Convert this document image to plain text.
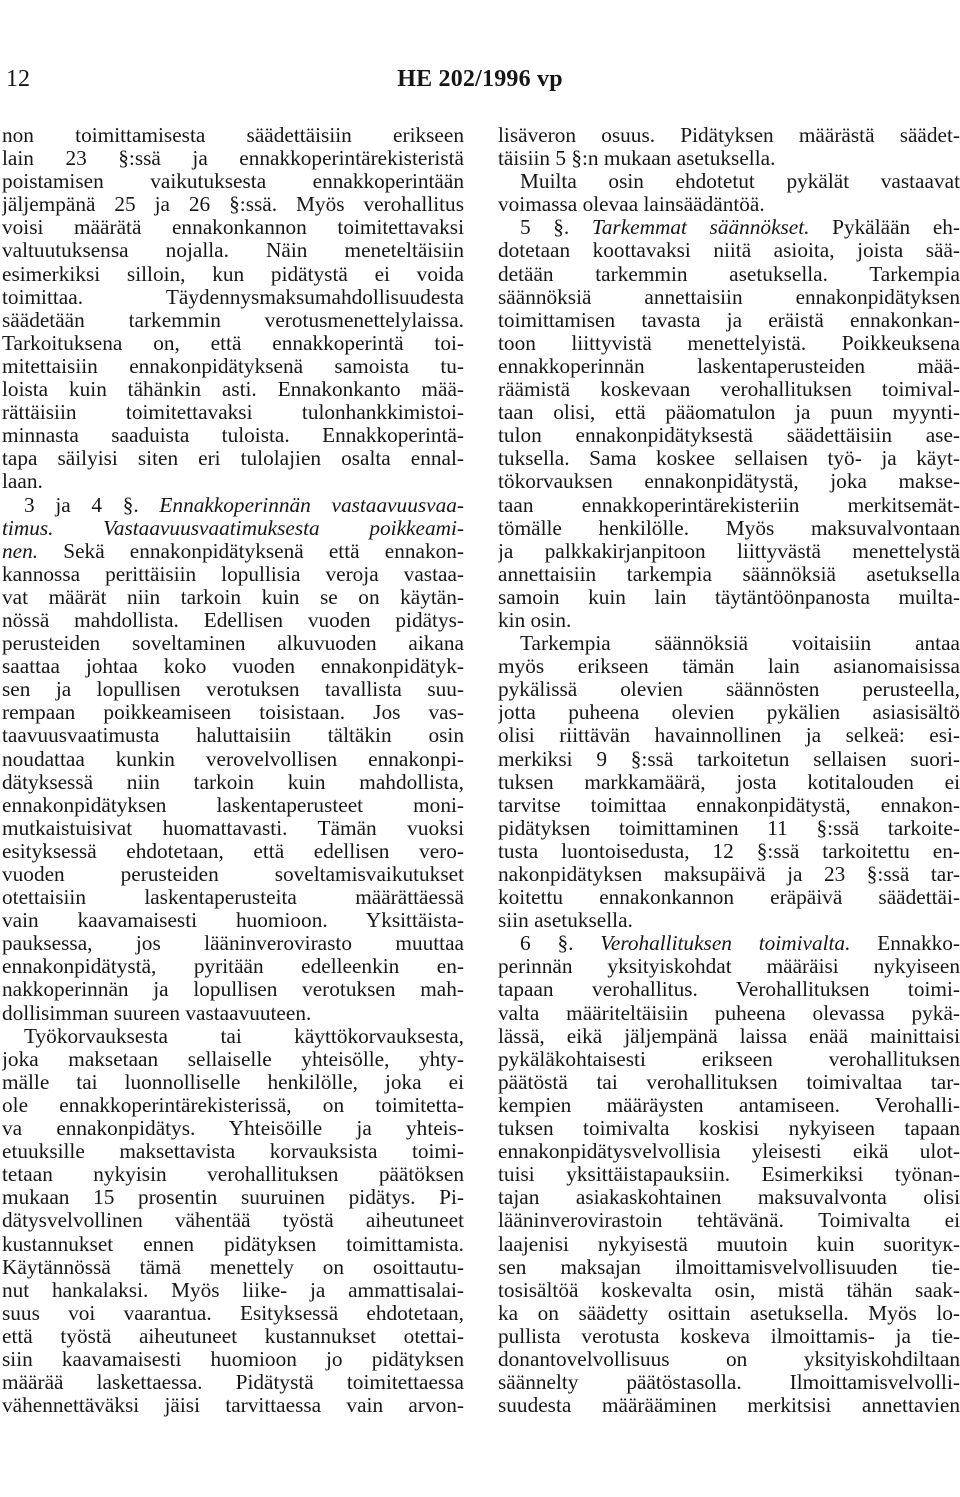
12	HE 202/1996 vp
non toimittamisesta säädettäisiin erikseen
lain 23 §:ssä ja ennakkoperintärekisteristä
poistamisen vaikutuksesta ennakkoperintään
jäljempänä 25 ja 26 §:ssä. Myös verohallitus
voisi määrätä ennakonkannon toimitettavaksi
valtuutuksensa nojalla. Näin meneteltäisiin
esimerkiksi silloin, kun pidätystä ei voida
toimittaa. Täydennysmaksumahdollisuudesta
säädetään tarkemmin verotusmenettelylaissa.
Tarkoituksena on, että ennakkoperintä toi-
mitettaisiin ennakonpidätyksenä samoista tu-
loista kuin tähänkin asti. Ennakonkanto mää-
rättäisiin toimitettavaksi tulonhankkimistoi-
minnasta saaduista tuloista. Ennakkoperintä-
tapa säilyisi siten eri tulolajien osalta ennal-
laan.
3 ja 4 §. Ennakkoperinnän vastaavuusvaa-
timus. Vastaavuusvaatimuksesta poikkeami-
nen. Sekä ennakonpidätyksenä että ennakon-
kannossa perittäisiin lopullisia veroja vastaa-
vat määrät niin tarkoin kuin se on käytän-
nössä mahdollista. Edellisen vuoden pidätys-
perusteiden soveltaminen alkuvuoden aikana
saattaa johtaa koko vuoden ennakonpidätyk-
sen ja lopullisen verotuksen tavallista suu-
rempaan poikkeamiseen toisistaan. Jos vas-
taavuusvaatimusta haluttaisiin tältäkin osin
noudattaa kunkin verovelvollisen ennakonpi-
dätyksessä niin tarkoin kuin mahdollista,
ennakonpidätyksen laskentaperusteet moni-
mutkaistuisivat huomattavasti. Tämän vuoksi
esityksessä ehdotetaan, että edellisen vero-
vuoden perusteiden soveltamisvaikutukset
otettaisiin laskentaperusteita määrättäessä
vain kaavamaisesti huomioon. Yksittäista-
pauksessa, jos lääninverovirasto muuttaa
ennakonpidätystä, pyritään edelleenkin en-
nakkoperinnän ja lopullisen verotuksen mah-
dollisimman suureen vastaavuuteen.
Työkorvauksesta tai käyttökorvauksesta,
joka maksetaan sellaiselle yhteisölle, yhty-
mälle tai luonnolliselle henkilölle, joka ei
ole ennakkoperintärekisterissä, on toimitetta-
va ennakonpidätys. Yhteisöille ja yhteis-
etuuksille maksettavista korvauksista toimi-
tetaan nykyisin verohallituksen päätöksen
mukaan 15 prosentin suuruinen pidätys. Pi-
dätysvelvollinen vähentää työstä aiheutuneet
kustannukset ennen pidätyksen toimittamista.
Käytännössä tämä menettely on osoittautu-
nut hankalaksi. Myös liike- ja ammattisalai-
suus voi vaarantua. Esityksessä ehdotetaan,
että työstä aiheutuneet kustannukset otettai-
siin kaavamaisesti huomioon jo pidätyksen
määrää laskettaessa. Pidätystä toimitettaessa
vähennettäväksi jäisi tarvittaessa vain arvon-
lisäveron osuus. Pidätyksen määrästä säädet-
täisiin 5 §:n mukaan asetuksella.
Muilta osin ehdotetut pykälät vastaavat
voimassa olevaa lainsäädäntöä.
5 §. Tarkemmat säännökset. Pykälään eh-
dotetaan koottavaksi niitä asioita, joista sää-
detään tarkemmin asetuksella. Tarkempia
säännöksiä annettaisiin ennakonpidätyksen
toimittamisen tavasta ja eräistä ennakonkan-
toon liittyvistä menettelyistä. Poikkeuksena
ennakkoperinnän laskentaperusteiden mää-
räämistä koskevaan verohallituksen toimival-
taan olisi, että pääomatulon ja puun myynti-
tulon ennakonpidätyksestä säädettäisiin ase-
tuksella. Sama koskee sellaisen työ- ja käyt-
tökorvauksen ennakonpidätystä, joka makse-
taan ennakkoperintärekisteriin merkitsemät-
tömälle henkilölle. Myös maksuvalvontaan
ja palkkakirjanpitoon liittyvästä menettelystä
annettaisiin tarkempia säännöksiä asetuksella
samoin kuin lain täytäntöönpanosta muilta-
kin osin.
Tarkempia säännöksiä voitaisiin antaa
myös erikseen tämän lain asianomaisissa
pykälissä olevien säännösten perusteella,
jotta puheena olevien pykälien asiasisältö
olisi riittävän havainnollinen ja selkeä: esi-
merkiksi 9 §:ssä tarkoitetun sellaisen suori-
tuksen markkamäärä, josta kotitalouden ei
tarvitse toimittaa ennakonpidätystä, ennakon-
pidätyksen toimittaminen 11 §:ssä tarkoite-
tusta luontoisedusta, 12 §:ssä tarkoitettu en-
nakonpidätyksen maksupäivä ja 23 §:ssä tar-
koitettu ennakonkannon eräpäivä säädettäi-
siin asetuksella.
6 §. Verohallituksen toimivalta. Ennakko-
perinnän yksityiskohdat määräisi nykyiseen
tapaan verohallitus. Verohallituksen toimi-
valta määriteltäisiin puheena olevassa pykä-
lässä, eikä jäljempänä laissa enää mainittaisi
pykäläkohtaisesti erikseen verohallituksen
päätöstä tai verohallituksen toimivaltaa tar-
kempien määräysten antamiseen. Verohalli-
tuksen toimivalta koskisi nykyiseen tapaan
ennakonpidätysvelvollisia yleisesti eikä ulot-
tuisi yksittäistapauksiin. Esimerkiksi työnan-
tajan asiakaskohtainen maksuvalvonta olisi
lääninverovirastoin tehtävänä. Toimivalta ei
laajenisi nykyisestä muutoin kuin suoritук-
sen maksajan ilmoittamisvelvollisuuden tie-
tosisältöä koskevalta osin, mistä tähän saak-
ka on säädetty osittain asetuksella. Myös lo-
pullista verotusta koskeva ilmoittamis- ja tie-
donantovelvollisuus on yksityiskohdiltaan
säännelty päätöstasolla. Ilmoittamisvelvolli-
suudesta määrääminen merkitsisi annettavien
